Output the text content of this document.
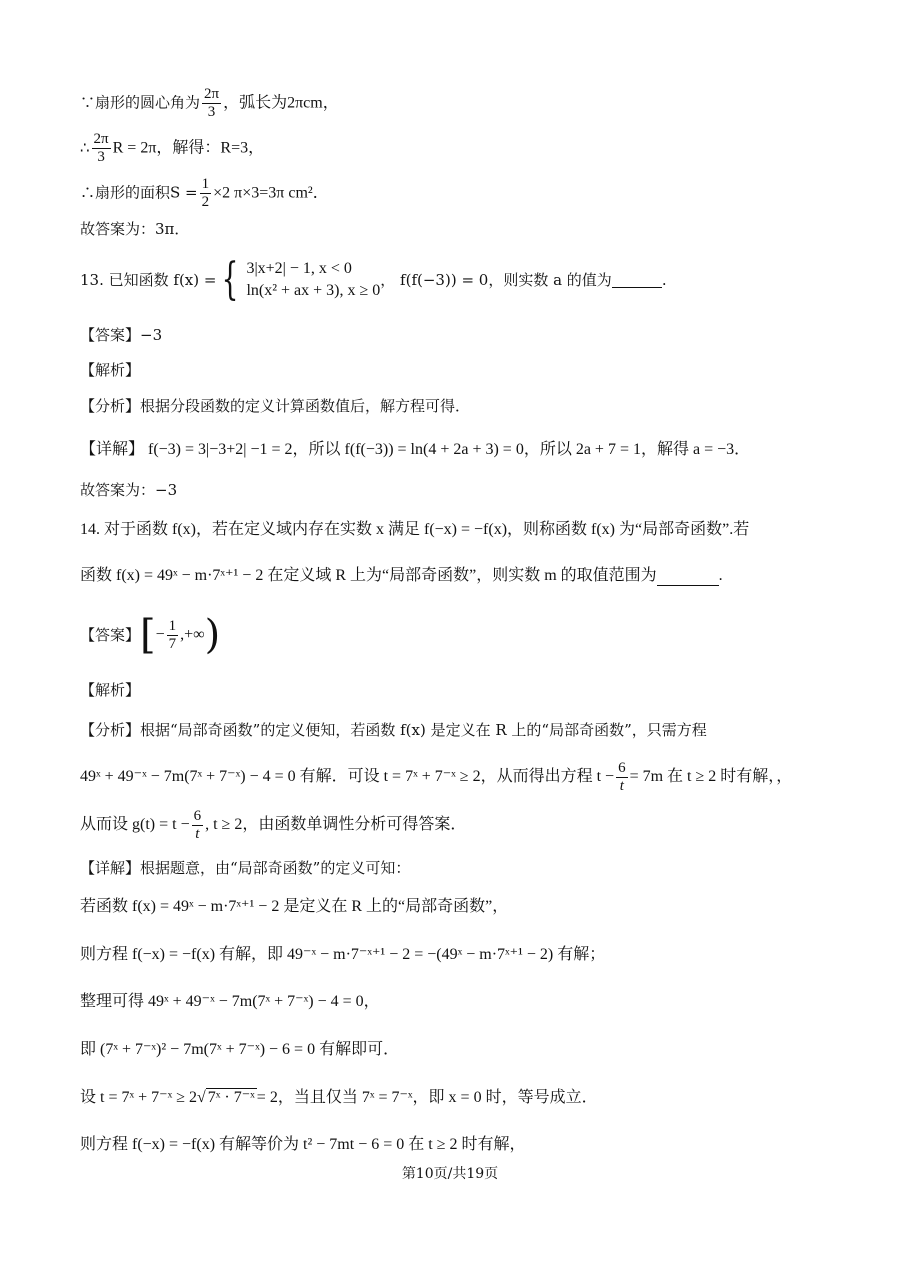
∵扇形的圆心角为 $\frac{2\pi}{3}$ ，弧长为2πcm，
∴ $\frac{2\pi}{3}$ R = 2π，解得：R=3，
∴扇形的面积$S = \frac{1}{2} \times 2$ π×3=3π cm²．
故答案为：3π．
13. 已知函数 f(x) = { 3|x+2| − 1, x < 0
ln(x² + ax + 3), x ≥ 0
， f(f(−3)) = 0，则实数 a 的值为	.
【答案】−3
【解析】
【分析】根据分段函数的定义计算函数值后，解方程可得．
【详解】 f(−3) = 3|−3+2| −1 = 2，所以 f(f(−3)) = ln(4 + 2a + 3) = 0，所以 2a + 7 = 1，解得 a = −3．
故答案为：−3
14. 对于函数 f(x)，若在定义域内存在实数 x 满足 f(−x) = −f(x)，则称函数 f(x) 为“局部奇函数”.若
函数 f(x) = 49ˣ − m·7ˣ⁺¹ − 2 在定义域 R 上为“局部奇函数”，则实数 m 的取值范围为	.
【答案】 [ − $\frac{1}{7}$ ,+∞ )
【解析】
【分析】根据“局部奇函数”的定义便知，若函数 f(x) 是定义在 R 上的“局部奇函数”，只需方程
49ˣ + 49⁻ˣ − 7m(7ˣ + 7⁻ˣ) − 4 = 0 有解．可设 t = 7ˣ + 7⁻ˣ ≥ 2，从而得出方程 $t - \frac{6}{t} = 7m$ 在 t ≥ 2 时有解，，
从而设 $g(t) = t - \frac{6}{t}$ , t ≥ 2，由函数单调性分析可得答案．
【详解】根据题意，由“局部奇函数”的定义可知：
若函数 f(x) = 49ˣ − m·7ˣ⁺¹ − 2 是定义在 R 上的“局部奇函数”，
则方程 f(−x) = −f(x) 有解，即 49⁻ˣ − m·7⁻ˣ⁺¹ − 2 = −(49ˣ − m·7ˣ⁺¹ − 2) 有解；
整理可得 49ˣ + 49⁻ˣ − 7m(7ˣ + 7⁻ˣ) − 4 = 0，
即 (7ˣ + 7⁻ˣ)² − 7m(7ˣ + 7⁻ˣ) − 6 = 0 有解即可．
设 t = 7ˣ + 7⁻ˣ ≥ 2√ 7ˣ · 7⁻ˣ = 2，当且仅当 7ˣ = 7⁻ˣ，即 x = 0 时，等号成立．
则方程 f(−x) = −f(x) 有解等价为 t² − 7mt − 6 = 0 在 t ≥ 2 时有解，
第10页/共19页
